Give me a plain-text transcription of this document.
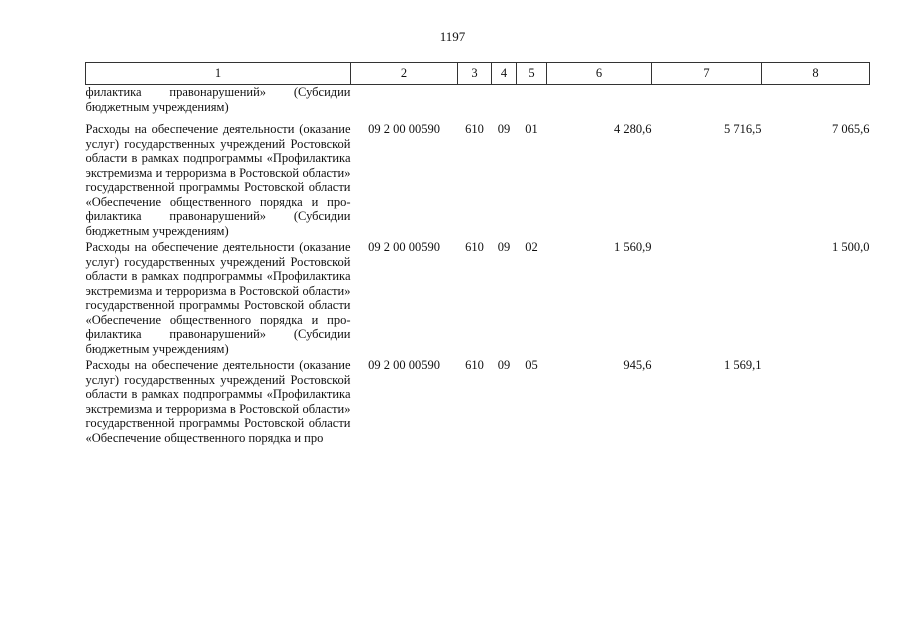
1197
1	2	3	4	5	6	7	8

филактика правонарушений» (Субсидии бюджетным учреждениям)							

Расходы на обеспечение деятельности (оказание услуг) государственных учреждений Ростовской области в рамках подпрограммы «Профилактика экстремизма и терроризма в Ростовской области» государственной программы Ростовской области «Обеспечение общественного порядка и профилактика правонарушений» (Субсидии бюджетным учреждениям)	09 2 00 00590	610	09	01	4 280,6	5 716,5	7 065,6

Расходы на обеспечение деятельности (оказание услуг) государственных учреждений Ростовской области в рамках подпрограммы «Профилактика экстремизма и терроризма в Ростовской области» государственной программы Ростовской области «Обеспечение общественного порядка и профилактика правонарушений» (Субсидии бюджетным учреждениям)	09 2 00 00590	610	09	02	1 560,9		1 500,0

Расходы на обеспечение деятельности (оказание услуг) государственных учреждений Ростовской области в рамках подпрограммы «Профилактика экстремизма и терроризма в Ростовской области» государственной программы Ростовской области «Обеспечение общественного порядка и про	09 2 00 00590	610	09	05	945,6	1 569,1	
